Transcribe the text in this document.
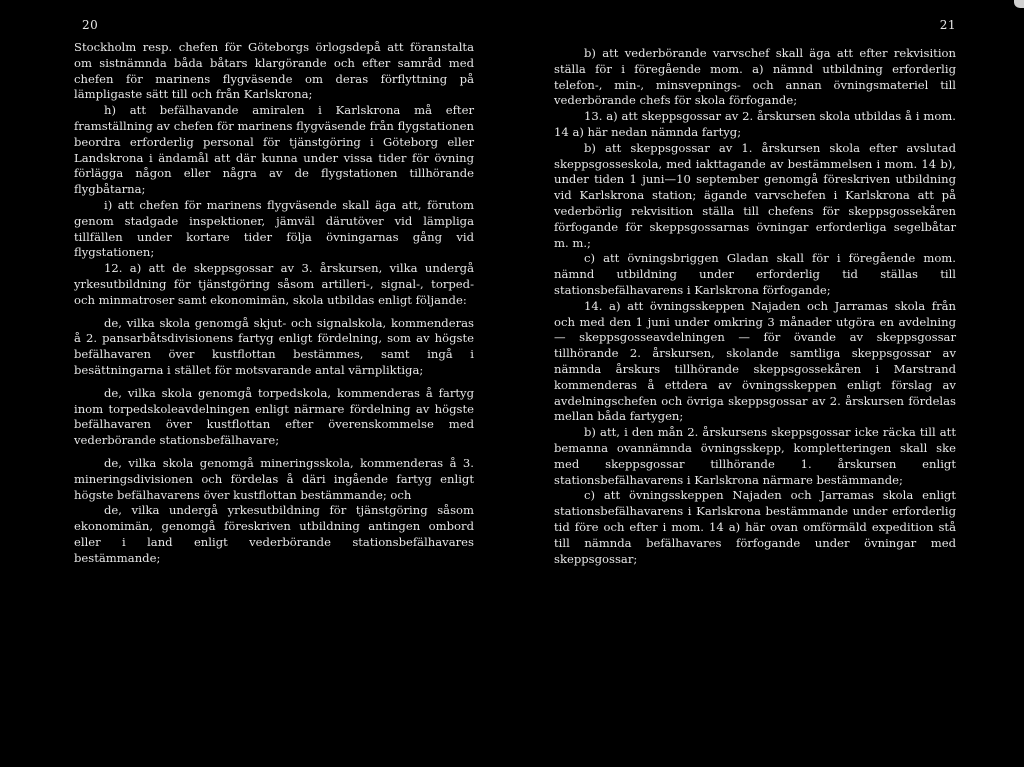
20

Stockholm resp. chefen för Göteborgs örlogsdepå att föranstalta om sistnämnda båda båtars klargörande och efter samråd med chefen för marinens flygväsende om deras förflyttning på lämpligaste sätt till och från Karlskrona;

h) att befälhavande amiralen i Karlskrona må efter framställning av chefen för marinens flygväsende från flygstationen beordra erforderlig personal för tjänstgöring i Göteborg eller Landskrona i ändamål att där kunna under vissa tider för övning förlägga någon eller några av de flygstationen tillhörande flygbåtarna;

i) att chefen för marinens flygväsende skall äga att, förutom genom stadgade inspektioner, jämväl därutöver vid lämpliga tillfällen under kortare tider följa övningarnas gång vid flygstationen;

12. a) att de skeppsgossar av 3. årskursen, vilka undergå yrkesutbildning för tjänstgöring såsom artilleri-, signal-, torped- och minmatroser samt ekonomimän, skola utbildas enligt följande:

de, vilka skola genomgå skjut- och signalskola, kommenderas å 2. pansarbåtsdivisionens fartyg enligt fördelning, som av högste befälhavaren över kustflottan bestämmes, samt ingå i besättningarna i stället för motsvarande antal värnpliktiga;

de, vilka skola genomgå torpedskola, kommenderas å fartyg inom torpedskoleavdelningen enligt närmare fördelning av högste befälhavaren över kustflottan efter överenskommelse med vederbörande stationsbefälhavare;

de, vilka skola genomgå mineringsskola, kommenderas å 3. mineringsdivisionen och fördelas å däri ingående fartyg enligt högste befälhavarens över kustflottan bestämmande; och

de, vilka undergå yrkesutbildning för tjänstgöring såsom ekonomimän, genomgå föreskriven utbildning antingen ombord eller i land enligt vederbörande stationsbefälhavares bestämmande;

21

b) att vederbörande varvschef skall äga att efter rekvisition ställa för i föregående mom. a) nämnd utbildning erforderlig telefon-, min-, minsvepnings- och annan övningsmateriel till vederbörande chefs för skola förfogande;

13. a) att skeppsgossar av 2. årskursen skola utbildas å i mom. 14 a) här nedan nämnda fartyg;

b) att skeppsgossar av 1. årskursen skola efter avslutad skeppsgosseskola, med iakttagande av bestämmelsen i mom. 14 b), under tiden 1 juni—10 september genomgå föreskriven utbildning vid Karlskrona station; ägande varvschefen i Karlskrona att på vederbörlig rekvisition ställa till chefens för skeppsgossekåren förfogande för skeppsgossarnas övningar erforderliga segelbåtar m. m.;

c) att övningsbriggen Gladan skall för i föregående mom. nämnd utbildning under erforderlig tid ställas till stationsbefälhavarens i Karlskrona förfogande;

14. a) att övningsskeppen Najaden och Jarramas skola från och med den 1 juni under omkring 3 månader utgöra en avdelning — skeppsgosseavdelningen — för övande av skeppsgossar tillhörande 2. årskursen, skolande samtliga skeppsgossar av nämnda årskurs tillhörande skeppsgossekåren i Marstrand kommenderas å ettdera av övningsskeppen enligt förslag av avdelningschefen och övriga skeppsgossar av 2. årskursen fördelas mellan båda fartygen;

b) att, i den mån 2. årskursens skeppsgossar icke räcka till att bemanna ovannämnda övningsskepp, kompletteringen skall ske med skeppsgossar tillhörande 1. årskursen enligt stationsbefälhavarens i Karlskrona närmare bestämmande;

c) att övningsskeppen Najaden och Jarramas skola enligt stationsbefälhavarens i Karlskrona bestämmande under erforderlig tid före och efter i mom. 14 a) här ovan omförmäld expedition stå till nämnda befälhavares förfogande under övningar med skeppsgossar;
